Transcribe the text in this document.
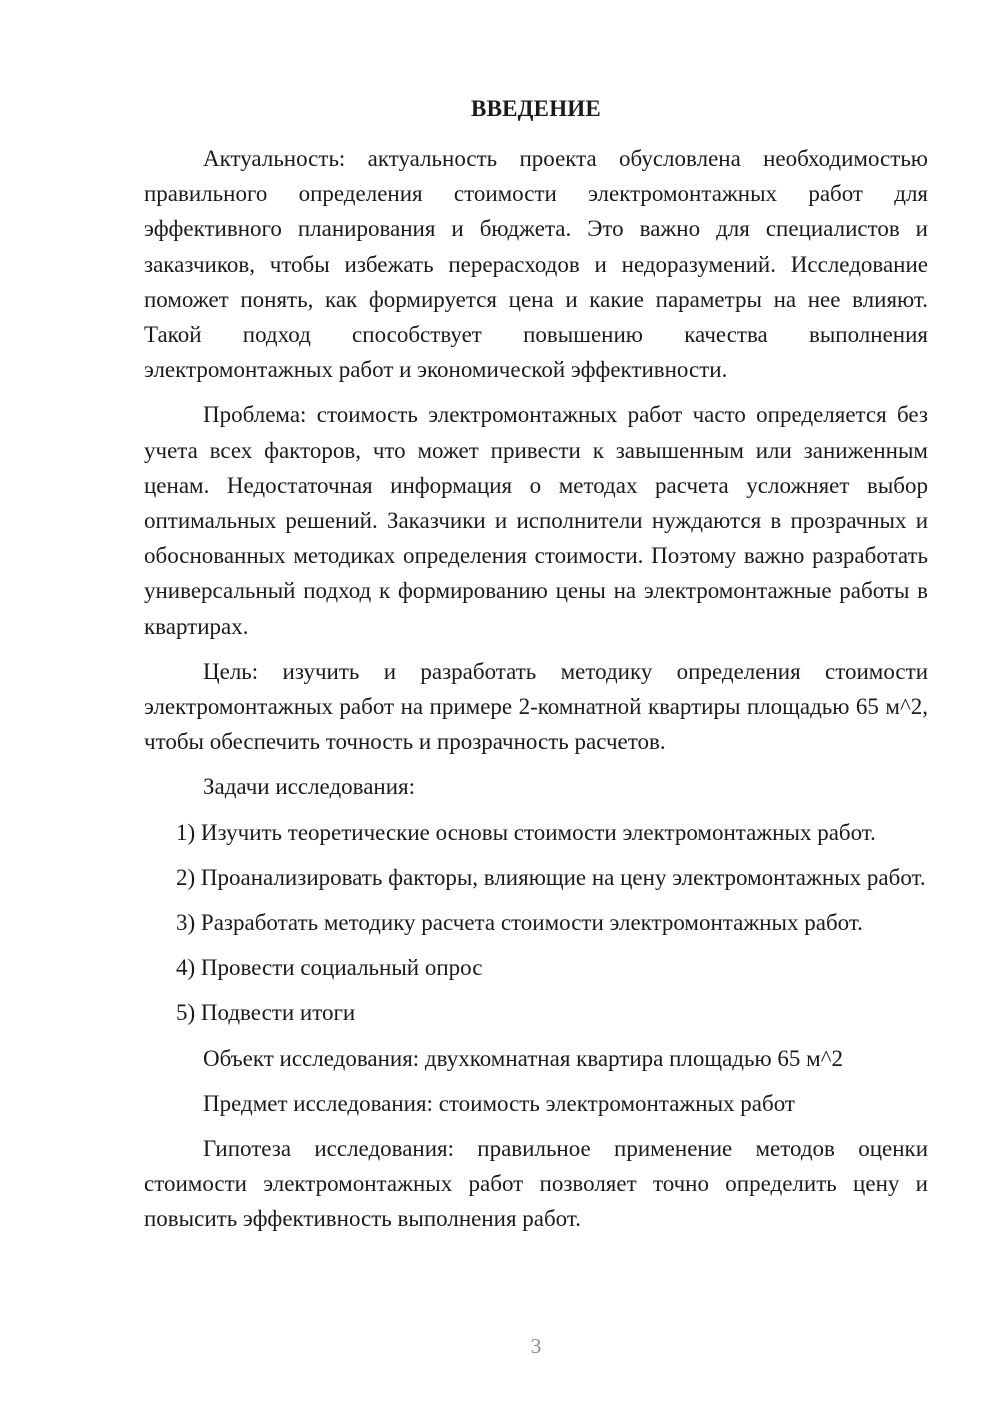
ВВЕДЕНИЕ

Актуальность: актуальность проекта обусловлена необходимостью правильного определения стоимости электромонтажных работ для эффективного планирования и бюджета. Это важно для специалистов и заказчиков, чтобы избежать перерасходов и недоразумений. Исследование поможет понять, как формируется цена и какие параметры на нее влияют. Такой подход способствует повышению качества выполнения электромонтажных работ и экономической эффективности.

Проблема: стоимость электромонтажных работ часто определяется без учета всех факторов, что может привести к завышенным или заниженным ценам. Недостаточная информация о методах расчета усложняет выбор оптимальных решений. Заказчики и исполнители нуждаются в прозрачных и обоснованных методиках определения стоимости. Поэтому важно разработать универсальный подход к формированию цены на электромонтажные работы в квартирах.

Цель: изучить и разработать методику определения стоимости электромонтажных работ на примере 2-комнатной квартиры площадью 65 м^2, чтобы обеспечить точность и прозрачность расчетов.

Задачи исследования:

1) Изучить теоретические основы стоимости электромонтажных работ.

2) Проанализировать факторы, влияющие на цену электромонтажных работ.

3) Разработать методику расчета стоимости электромонтажных работ.

4) Провести социальный опрос

5) Подвести итоги

Объект исследования: двухкомнатная квартира площадью 65 м^2

Предмет исследования: стоимость электромонтажных работ

Гипотеза исследования: правильное применение методов оценки стоимости электромонтажных работ позволяет точно определить цену и повысить эффективность выполнения работ.

3
